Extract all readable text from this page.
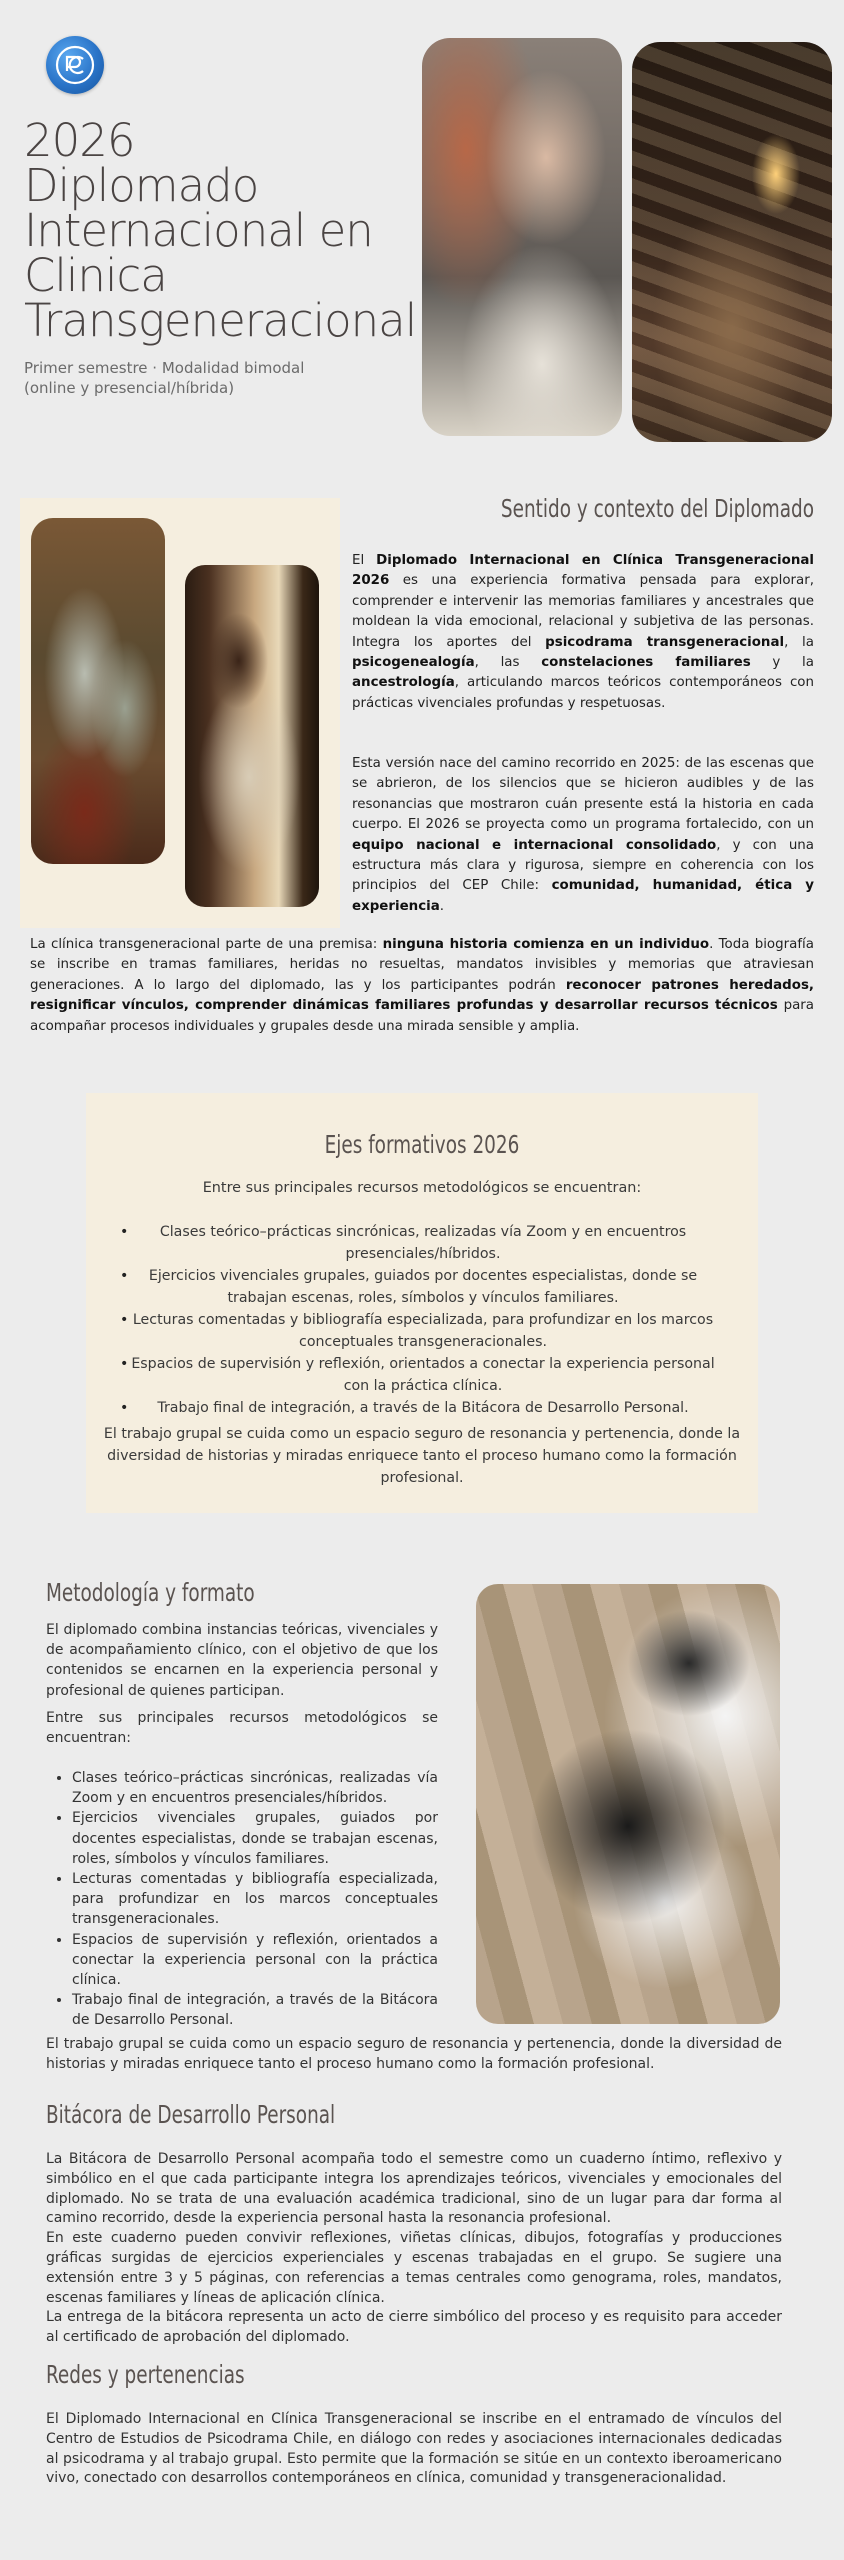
2026
Diplomado
Internacional en
Clinica
Transgeneracional
Primer semestre · Modalidad bimodal
(online y presencial/híbrida)
Sentido y contexto del Diplomado

El Diplomado Internacional en Clínica Transgeneracional 2026 es una experiencia formativa pensada para explorar, comprender e intervenir las memorias familiares y ancestrales que moldean la vida emocional, relacional y subjetiva de las personas. Integra los aportes del psicodrama transgeneracional, la psicogenealogía, las constelaciones familiares y la ancestrología, articulando marcos teóricos contemporáneos con prácticas vivenciales profundas y respetuosas.

Esta versión nace del camino recorrido en 2025: de las escenas que se abrieron, de los silencios que se hicieron audibles y de las resonancias que mostraron cuán presente está la historia en cada cuerpo. El 2026 se proyecta como un programa fortalecido, con un equipo nacional e internacional consolidado, y con una estructura más clara y rigurosa, siempre en coherencia con los principios del CEP Chile: comunidad, humanidad, ética y experiencia.

La clínica transgeneracional parte de una premisa: ninguna historia comienza en un individuo. Toda biografía se inscribe en tramas familiares, heridas no resueltas, mandatos invisibles y memorias que atraviesan generaciones. A lo largo del diplomado, las y los participantes podrán reconocer patrones heredados, resignificar vínculos, comprender dinámicas familiares profundas y desarrollar recursos técnicos para acompañar procesos individuales y grupales desde una mirada sensible y amplia.

Ejes formativos 2026

Entre sus principales recursos metodológicos se encuentran:

• Clases teórico–prácticas sincrónicas, realizadas vía Zoom y en encuentros presenciales/híbridos.
• Ejercicios vivenciales grupales, guiados por docentes especialistas, donde se trabajan escenas, roles, símbolos y vínculos familiares.
• Lecturas comentadas y bibliografía especializada, para profundizar en los marcos conceptuales transgeneracionales.
• Espacios de supervisión y reflexión, orientados a conectar la experiencia personal con la práctica clínica.
• Trabajo final de integración, a través de la Bitácora de Desarrollo Personal.

El trabajo grupal se cuida como un espacio seguro de resonancia y pertenencia, donde la diversidad de historias y miradas enriquece tanto el proceso humano como la formación profesional.

Metodología y formato

El diplomado combina instancias teóricas, vivenciales y de acompañamiento clínico, con el objetivo de que los contenidos se encarnen en la experiencia personal y profesional de quienes participan.

Entre sus principales recursos metodológicos se encuentran:

• Clases teórico–prácticas sincrónicas, realizadas vía Zoom y en encuentros presenciales/híbridos.
• Ejercicios vivenciales grupales, guiados por docentes especialistas, donde se trabajan escenas, roles, símbolos y vínculos familiares.
• Lecturas comentadas y bibliografía especializada, para profundizar en los marcos conceptuales transgeneracionales.
• Espacios de supervisión y reflexión, orientados a conectar la experiencia personal con la práctica clínica.
• Trabajo final de integración, a través de la Bitácora de Desarrollo Personal.

El trabajo grupal se cuida como un espacio seguro de resonancia y pertenencia, donde la diversidad de historias y miradas enriquece tanto el proceso humano como la formación profesional.

Bitácora de Desarrollo Personal

La Bitácora de Desarrollo Personal acompaña todo el semestre como un cuaderno íntimo, reflexivo y simbólico en el que cada participante integra los aprendizajes teóricos, vivenciales y emocionales del diplomado. No se trata de una evaluación académica tradicional, sino de un lugar para dar forma al camino recorrido, desde la experiencia personal hasta la resonancia profesional.

En este cuaderno pueden convivir reflexiones, viñetas clínicas, dibujos, fotografías y producciones gráficas surgidas de ejercicios experienciales y escenas trabajadas en el grupo. Se sugiere una extensión entre 3 y 5 páginas, con referencias a temas centrales como genograma, roles, mandatos, escenas familiares y líneas de aplicación clínica.

La entrega de la bitácora representa un acto de cierre simbólico del proceso y es requisito para acceder al certificado de aprobación del diplomado.

Redes y pertenencias

El Diplomado Internacional en Clínica Transgeneracional se inscribe en el entramado de vínculos del Centro de Estudios de Psicodrama Chile, en diálogo con redes y asociaciones internacionales dedicadas al psicodrama y al trabajo grupal. Esto permite que la formación se sitúe en un contexto iberoamericano vivo, conectado con desarrollos contemporáneos en clínica, comunidad y transgeneracionalidad.
